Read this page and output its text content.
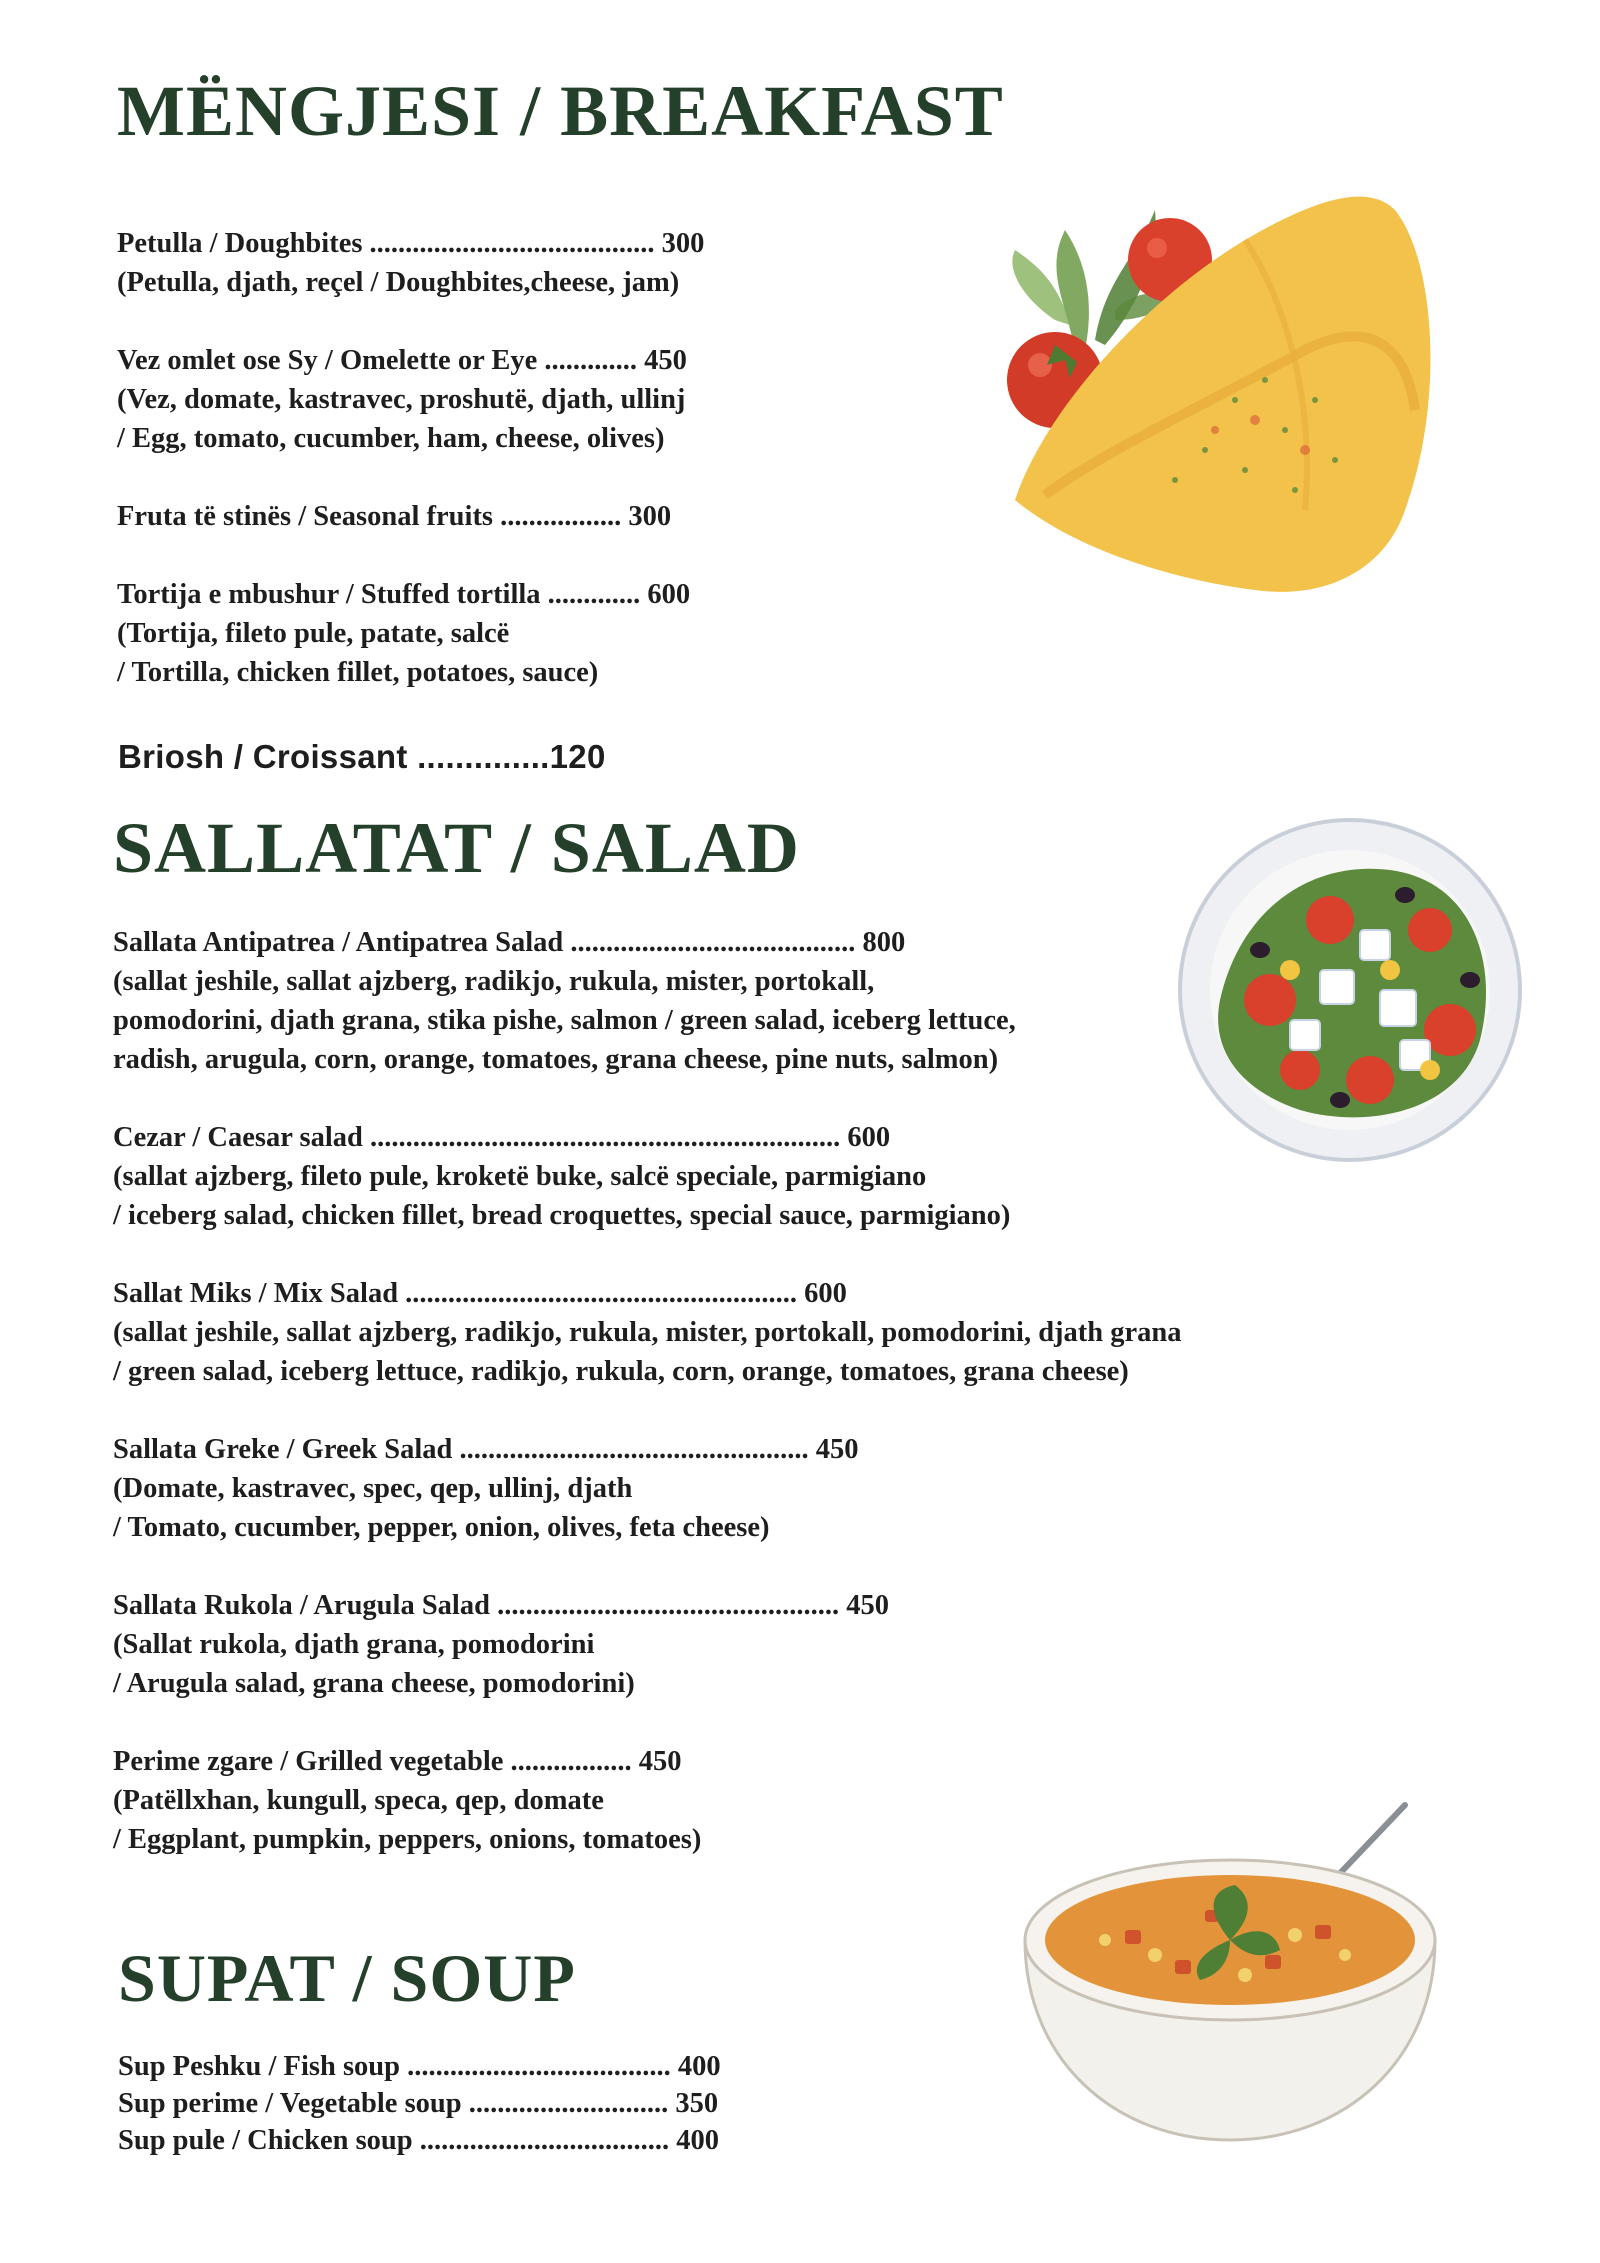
MËNGJESI / BREAKFAST
SALLATAT / SALAD
SUPAT / SOUP
Petulla / Doughbites ........................................ 300
(Petulla, djath, reçel / Doughbites,cheese, jam)
Vez omlet ose Sy / Omelette or Eye ............. 450
(Vez, domate, kastravec, proshutë, djath, ullinj
/ Egg, tomato, cucumber, ham, cheese, olives)
Fruta të stinës / Seasonal fruits ................. 300
Tortija e mbushur / Stuffed tortilla ............. 600
(Tortija, fileto pule, patate, salcë
/ Tortilla, chicken fillet, potatoes, sauce)
Briosh / Croissant ..............120
Sallata Antipatrea / Antipatrea Salad ........................................ 800
(sallat jeshile, sallat ajzberg, radikjo, rukula, mister, portokall,
pomodorini, djath grana, stika pishe, salmon / green salad, iceberg lettuce,
radish, arugula, corn, orange, tomatoes, grana cheese, pine nuts, salmon)
Cezar / Caesar salad .................................................................. 600
(sallat ajzberg, fileto pule, kroketë buke, salcë speciale, parmigiano
/ iceberg salad, chicken fillet, bread croquettes, special sauce, parmigiano)
Sallat Miks / Mix Salad ....................................................... 600
(sallat jeshile, sallat ajzberg, radikjo, rukula, mister, portokall, pomodorini, djath grana
/ green salad, iceberg lettuce, radikjo, rukula, corn, orange, tomatoes, grana cheese)
Sallata Greke / Greek Salad ................................................. 450
(Domate, kastravec, spec, qep, ullinj, djath
/ Tomato, cucumber, pepper, onion, olives, feta cheese)
Sallata Rukola / Arugula Salad ................................................ 450
(Sallat rukola, djath grana, pomodorini
/ Arugula salad, grana cheese, pomodorini)
Perime zgare / Grilled vegetable ................. 450
(Patëllxhan, kungull, speca, qep, domate
/ Eggplant, pumpkin, peppers, onions, tomatoes)
Sup Peshku / Fish soup ..................................... 400
Sup perime / Vegetable soup ............................ 350
Sup pule / Chicken soup ................................... 400
